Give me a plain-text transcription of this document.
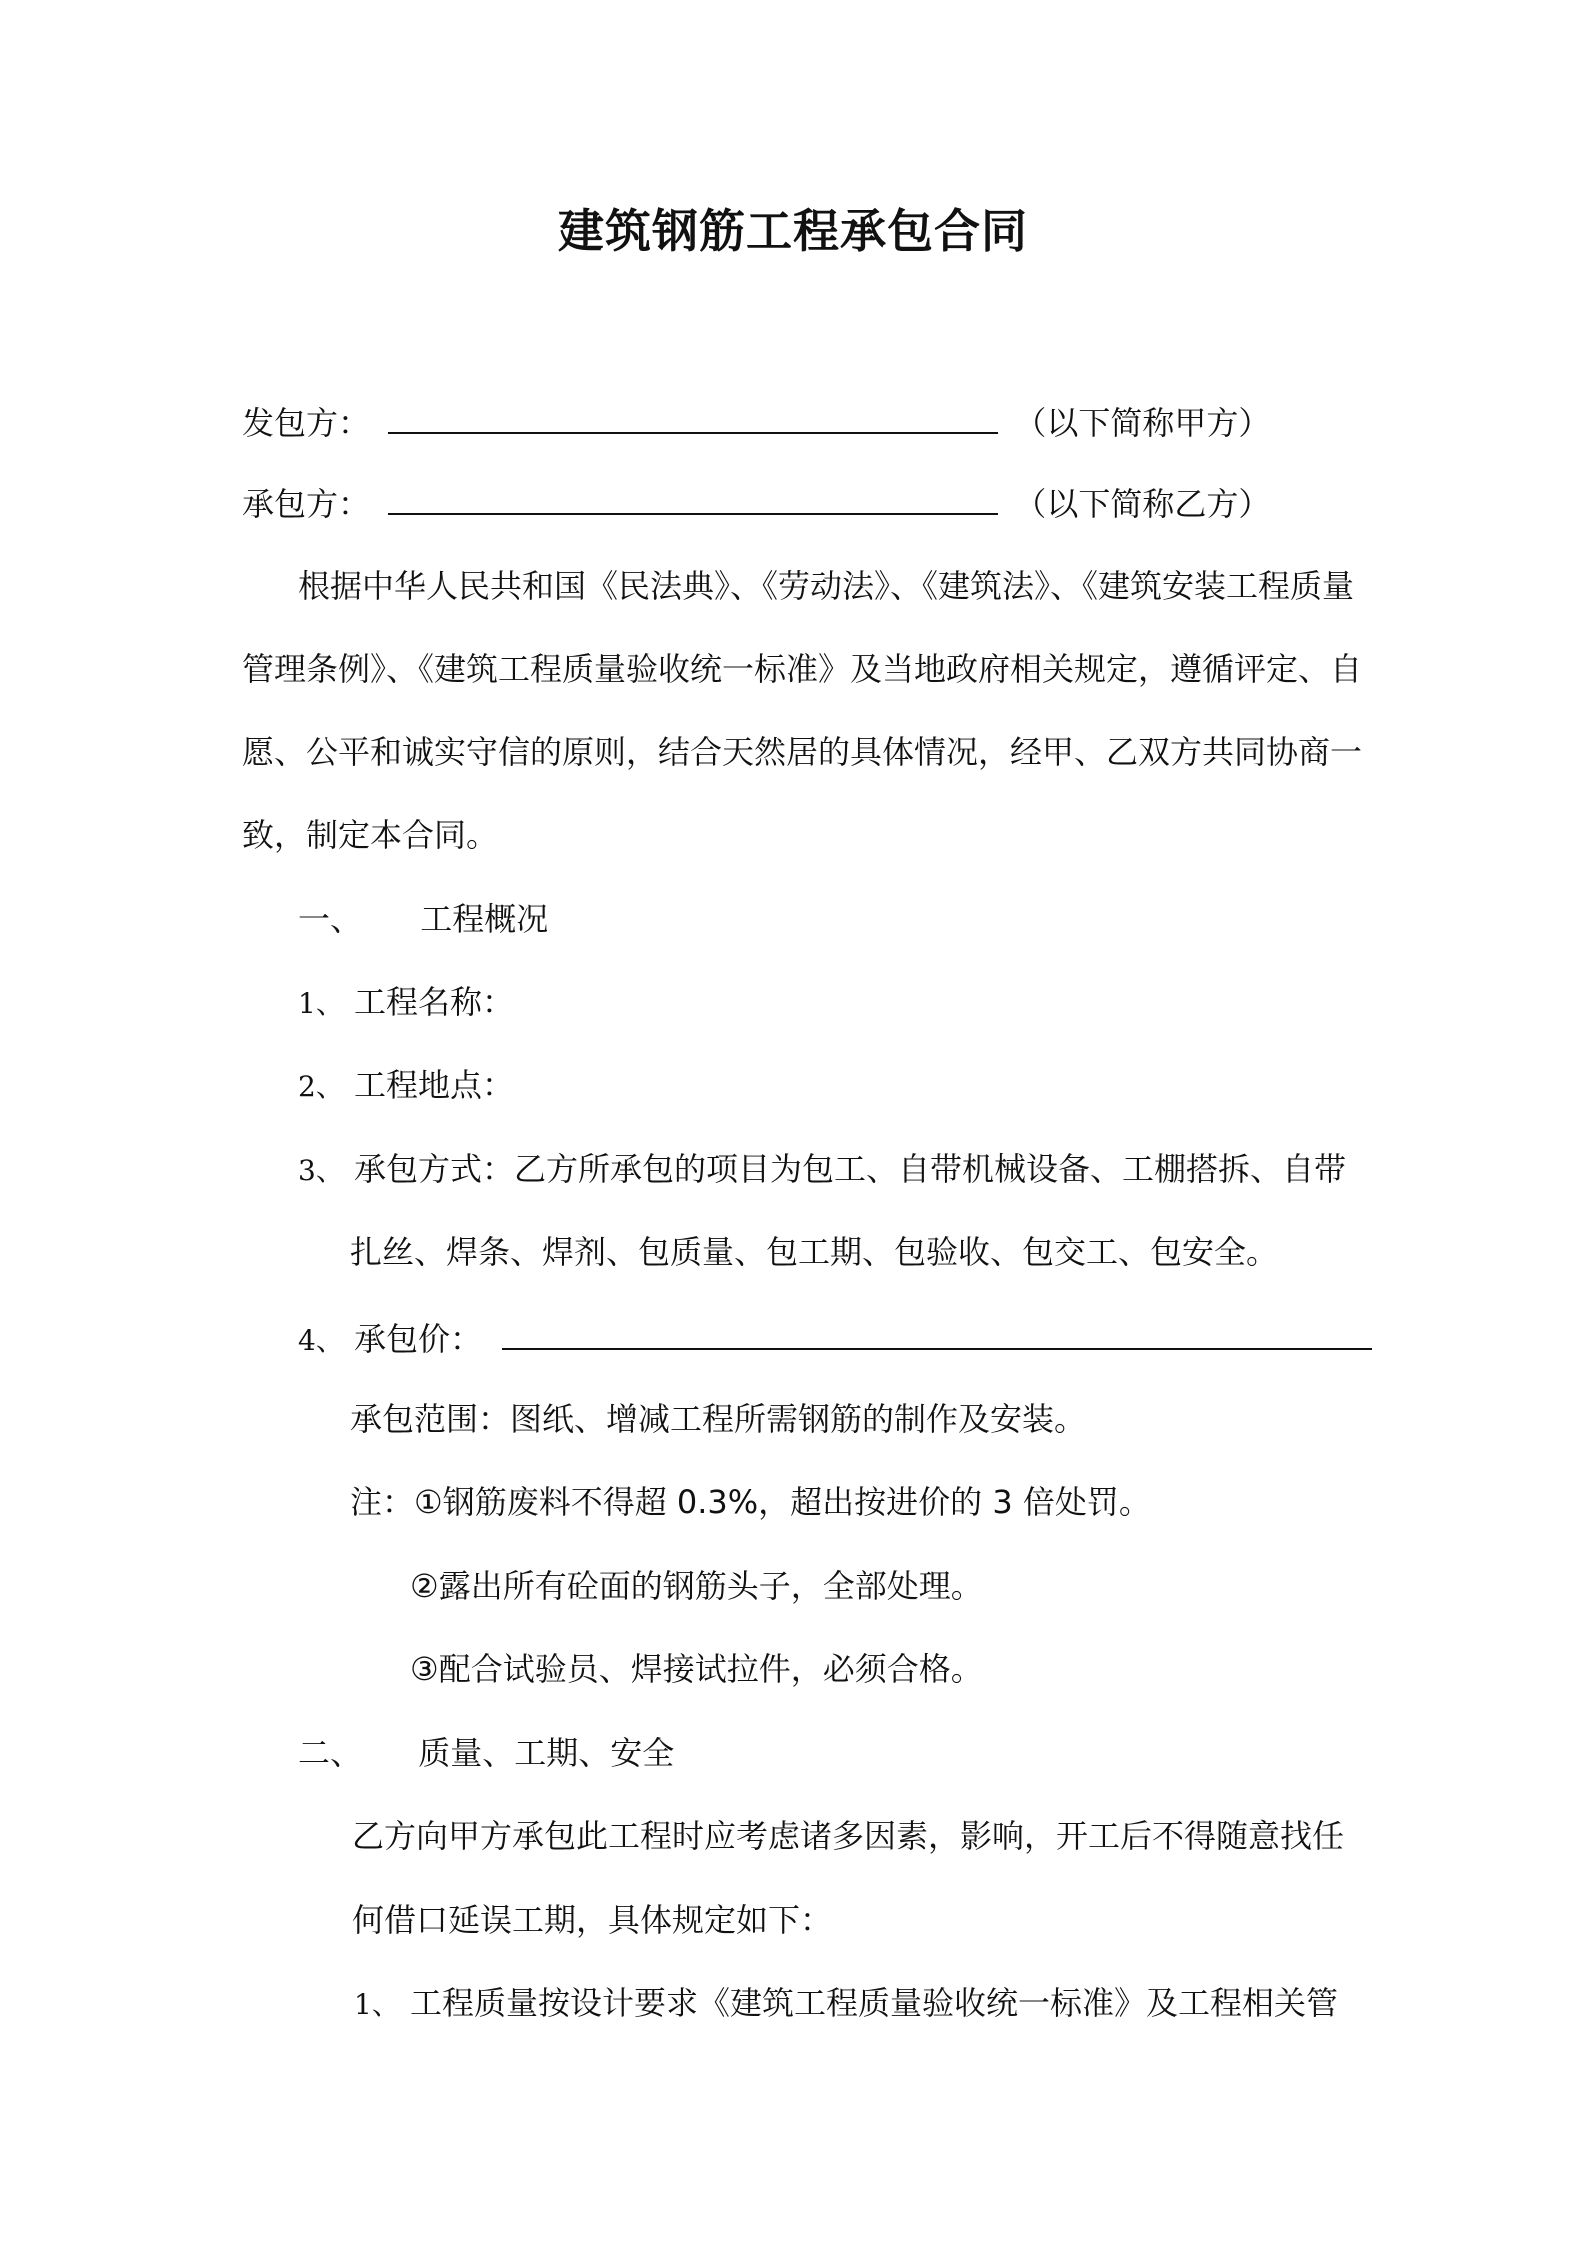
建筑钢筋工程承包合同
发包方：	（以下简称甲方）
承包方：	（以下简称乙方）
根据中华人民共和国《民法典》、《劳动法》、《建筑法》、《建筑安装工程质量
管理条例》、《建筑工程质量验收统一标准》及当地政府相关规定，遵循评定、自
愿、公平和诚实守信的原则，结合天然居的具体情况，经甲、乙双方共同协商一
致，制定本合同。
一、 工程概况
1、 工程名称：
2、 工程地点：
3、 承包方式：乙方所承包的项目为包工、自带机械设备、工棚搭拆、自带
扎丝、焊条、焊剂、包质量、包工期、包验收、包交工、包安全。
4、 承包价：
承包范围：图纸、增减工程所需钢筋的制作及安装。
注：①钢筋废料不得超 0.3%，超出按进价的 3 倍处罚。
②露出所有砼面的钢筋头子，全部处理。
③配合试验员、焊接试拉件，必须合格。
二、 质量、工期、安全
乙方向甲方承包此工程时应考虑诸多因素，影响，开工后不得随意找任
何借口延误工期，具体规定如下：
1、 工程质量按设计要求《建筑工程质量验收统一标准》及工程相关管
